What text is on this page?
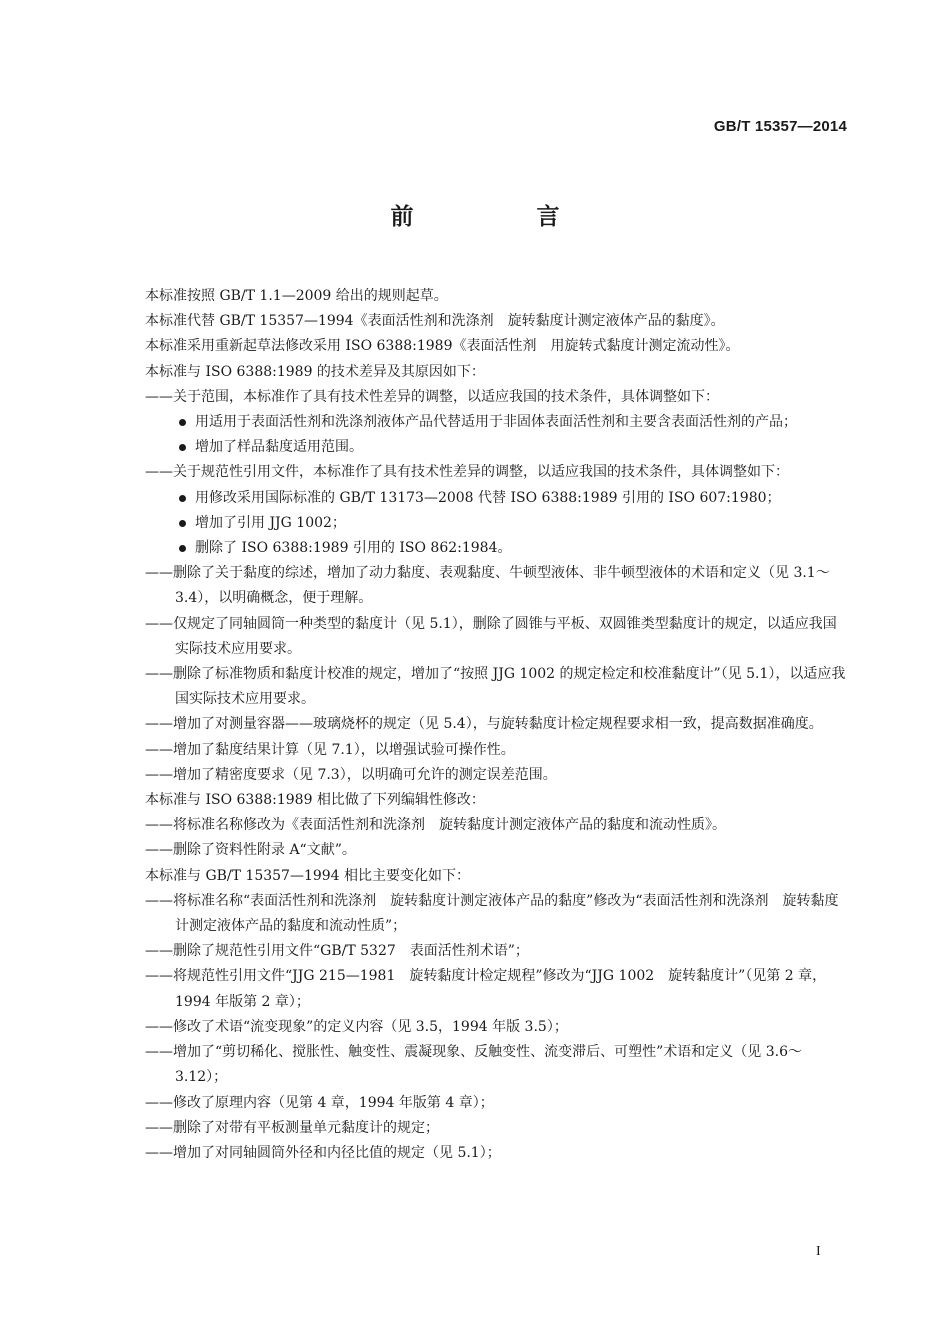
GB/T 15357—2014
前　言

本标准按照 GB/T 1.1—2009 给出的规则起草。

本标准代替 GB/T 15357—1994《表面活性剂和洗涤剂　旋转黏度计测定液体产品的黏度》。

本标准采用重新起草法修改采用 ISO 6388:1989《表面活性剂　用旋转式黏度计测定流动性》。

本标准与 ISO 6388:1989 的技术差异及其原因如下：

——关于范围，本标准作了具有技术性差异的调整，以适应我国的技术条件，具体调整如下：

用适用于表面活性剂和洗涤剂液体产品代替适用于非固体表面活性剂和主要含表面活性剂的产品；

增加了样品黏度适用范围。

——关于规范性引用文件，本标准作了具有技术性差异的调整，以适应我国的技术条件，具体调整如下：

用修改采用国际标准的 GB/T 13173—2008 代替 ISO 6388:1989 引用的 ISO 607:1980；

增加了引用 JJG 1002；

删除了 ISO 6388:1989 引用的 ISO 862:1984。

——删除了关于黏度的综述，增加了动力黏度、表观黏度、牛顿型液体、非牛顿型液体的术语和定义（见 3.1～3.4），以明确概念，便于理解。

——仅规定了同轴圆筒一种类型的黏度计（见 5.1），删除了圆锥与平板、双圆锥类型黏度计的规定，以适应我国实际技术应用要求。

——删除了标准物质和黏度计校准的规定，增加了“按照 JJG 1002 的规定检定和校准黏度计”（见 5.1），以适应我国实际技术应用要求。

——增加了对测量容器——玻璃烧杯的规定（见 5.4），与旋转黏度计检定规程要求相一致，提高数据准确度。

——增加了黏度结果计算（见 7.1），以增强试验可操作性。

——增加了精密度要求（见 7.3），以明确可允许的测定误差范围。

本标准与 ISO 6388:1989 相比做了下列编辑性修改：

——将标准名称修改为《表面活性剂和洗涤剂　旋转黏度计测定液体产品的黏度和流动性质》。

——删除了资料性附录 A“文献”。

本标准与 GB/T 15357—1994 相比主要变化如下：

——将标准名称“表面活性剂和洗涤剂　旋转黏度计测定液体产品的黏度”修改为“表面活性剂和洗涤剂　旋转黏度计测定液体产品的黏度和流动性质”；

——删除了规范性引用文件“GB/T 5327　表面活性剂术语”；

——将规范性引用文件“JJG 215—1981　旋转黏度计检定规程”修改为“JJG 1002　旋转黏度计”（见第 2 章，1994 年版第 2 章）；

——修改了术语“流变现象”的定义内容（见 3.5，1994 年版 3.5）；

——增加了“剪切稀化、搅胀性、触变性、震凝现象、反触变性、流变滞后、可塑性”术语和定义（见 3.6～3.12）；

——修改了原理内容（见第 4 章，1994 年版第 4 章）；

——删除了对带有平板测量单元黏度计的规定；

——增加了对同轴圆筒外径和内径比值的规定（见 5.1）；

I
